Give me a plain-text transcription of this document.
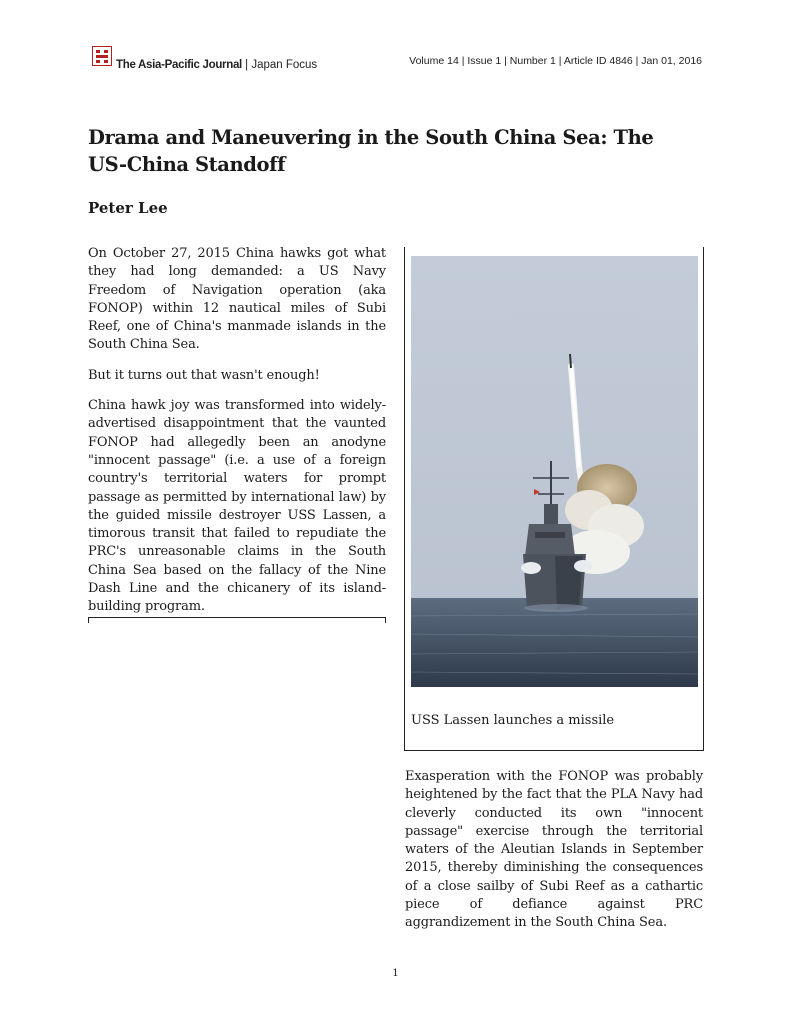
The Asia-Pacific Journal | Japan Focus	Volume 14 | Issue 1 | Number 1 | Article ID 4846 | Jan 01, 2016
Drama and Maneuvering in the South China Sea: The US-China Standoff
Peter Lee

On October 27, 2015 China hawks got what they had long demanded: a US Navy Freedom of Navigation operation (aka FONOP) within 12 nautical miles of Subi Reef, one of China's manmade islands in the South China Sea.

But it turns out that wasn't enough!

China hawk joy was transformed into widely-advertised disappointment that the vaunted FONOP had allegedly been an anodyne "innocent passage" (i.e. a use of a foreign country's territorial waters for prompt passage as permitted by international law) by the guided missile destroyer USS Lassen, a timorous transit that failed to repudiate the PRC's unreasonable claims in the South China Sea based on the fallacy of the Nine Dash Line and the chicanery of its island-building program.

USS Lassen launches a missile

Exasperation with the FONOP was probably heightened by the fact that the PLA Navy had cleverly conducted its own "innocent passage" exercise through the territorial waters of the Aleutian Islands in September 2015, thereby diminishing the consequences of a close sailby of Subi Reef as a cathartic piece of defiance against PRC aggrandizement in the South China Sea.

1
